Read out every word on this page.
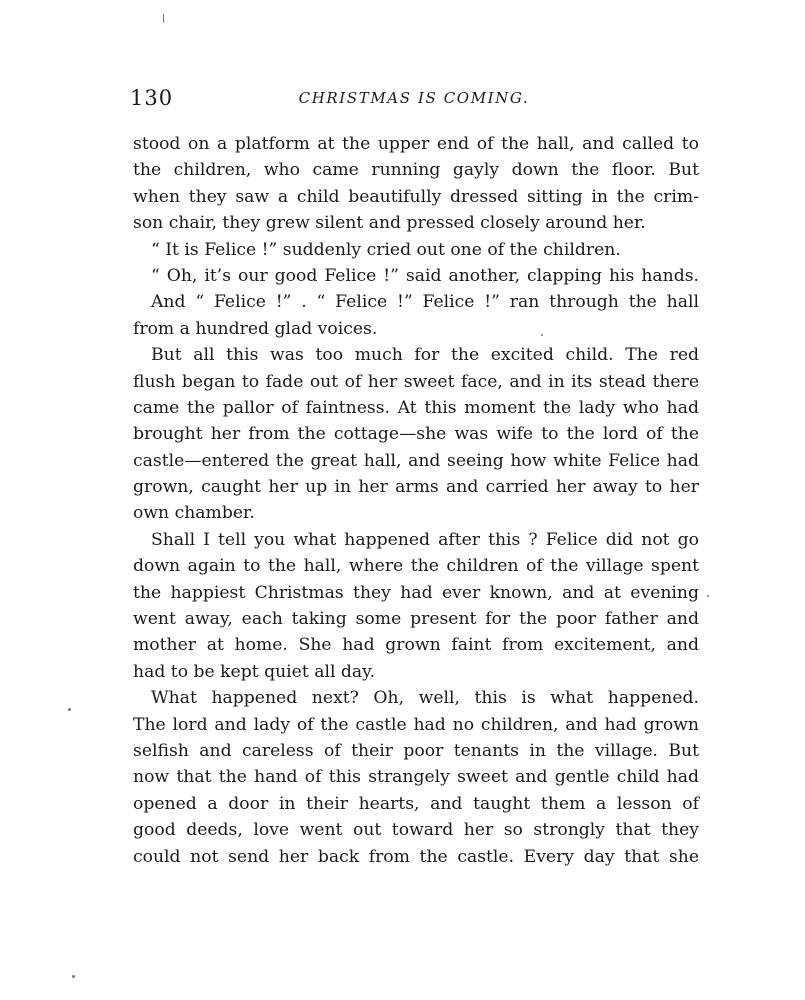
130	CHRISTMAS IS COMING.
stood on a platform at the upper end of the hall, and called to
the children, who came running gayly down the floor. But
when they saw a child beautifully dressed sitting in the crim-
son chair, they grew silent and pressed closely around her.
“ It is Felice !” suddenly cried out one of the children.
“ Oh, it’s our good Felice !” said another, clapping his hands.
And “ Felice !” . “ Felice !” Felice !” ran through the hall
from a hundred glad voices.
But all this was too much for the excited child. The red
flush began to fade out of her sweet face, and in its stead there
came the pallor of faintness. At this moment the lady who had
brought her from the cottage—she was wife to the lord of the
castle—entered the great hall, and seeing how white Felice had
grown, caught her up in her arms and carried her away to her
own chamber.
Shall I tell you what happened after this ? Felice did not go
down again to the hall, where the children of the village spent
the happiest Christmas they had ever known, and at evening
went away, each taking some present for the poor father and
mother at home. She had grown faint from excitement, and
had to be kept quiet all day.
What happened next? Oh, well, this is what happened.
The lord and lady of the castle had no children, and had grown
selfish and careless of their poor tenants in the village. But
now that the hand of this strangely sweet and gentle child had
opened a door in their hearts, and taught them a lesson of
good deeds, love went out toward her so strongly that they
could not send her back from the castle. Every day that she
